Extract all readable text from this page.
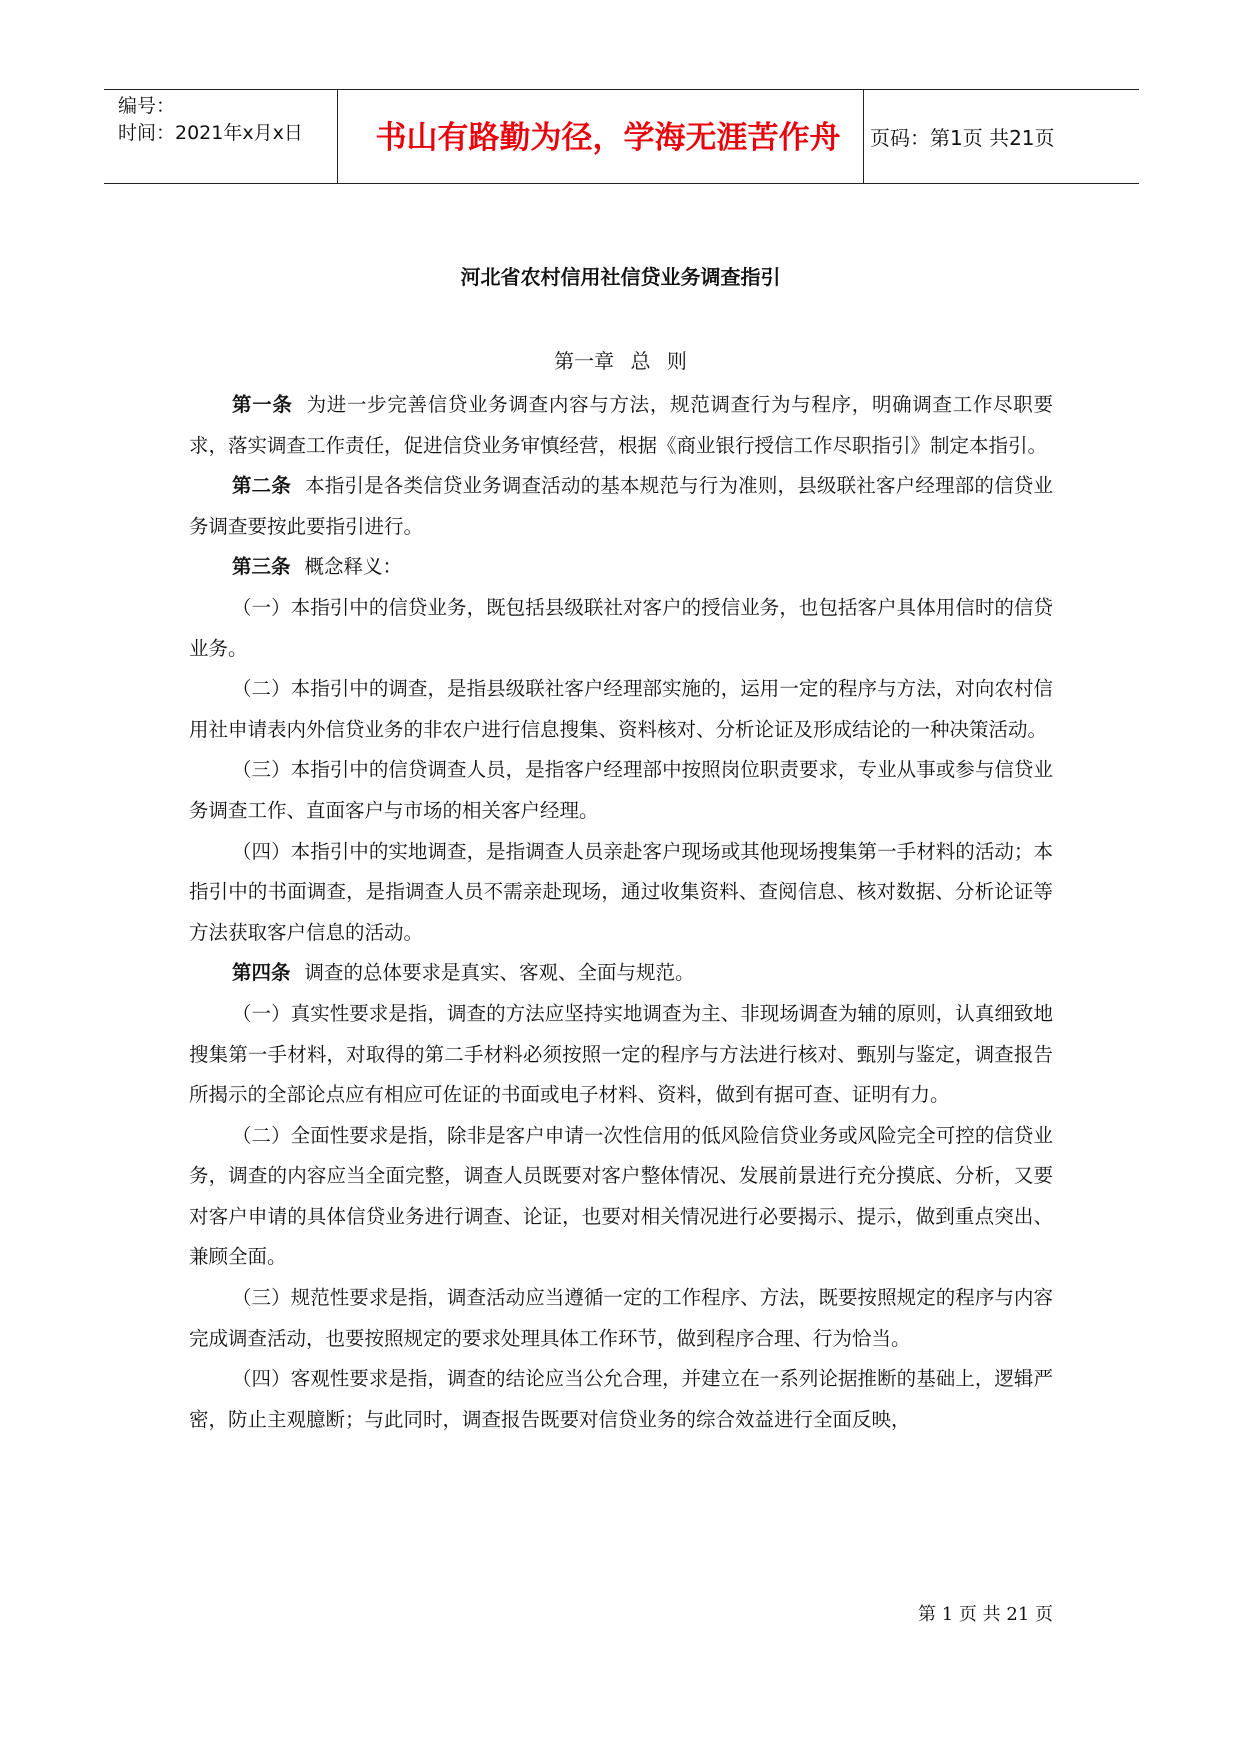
编号：
时间：2021年x月x日	书山有路勤为径，学海无涯苦作舟	页码：第1页 共21页
河北省农村信用社信贷业务调查指引
第一章 总 则

第一条 为进一步完善信贷业务调查内容与方法，规范调查行为与程序，明确调查工作尽职要求，落实调查工作责任，促进信贷业务审慎经营，根据《商业银行授信工作尽职指引》制定本指引。

第二条 本指引是各类信贷业务调查活动的基本规范与行为准则，县级联社客户经理部的信贷业务调查要按此要指引进行。

第三条 概念释义：

（一）本指引中的信贷业务，既包括县级联社对客户的授信业务，也包括客户具体用信时的信贷业务。

（二）本指引中的调查，是指县级联社客户经理部实施的，运用一定的程序与方法，对向农村信用社申请表内外信贷业务的非农户进行信息搜集、资料核对、分析论证及形成结论的一种决策活动。

（三）本指引中的信贷调查人员，是指客户经理部中按照岗位职责要求，专业从事或参与信贷业务调查工作、直面客户与市场的相关客户经理。

（四）本指引中的实地调查，是指调查人员亲赴客户现场或其他现场搜集第一手材料的活动；本指引中的书面调查，是指调查人员不需亲赴现场，通过收集资料、查阅信息、核对数据、分析论证等方法获取客户信息的活动。

第四条 调查的总体要求是真实、客观、全面与规范。

（一）真实性要求是指，调查的方法应坚持实地调查为主、非现场调查为辅的原则，认真细致地搜集第一手材料，对取得的第二手材料必须按照一定的程序与方法进行核对、甄别与鉴定，调查报告所揭示的全部论点应有相应可佐证的书面或电子材料、资料，做到有据可查、证明有力。

（二）全面性要求是指，除非是客户申请一次性信用的低风险信贷业务或风险完全可控的信贷业务，调查的内容应当全面完整，调查人员既要对客户整体情况、发展前景进行充分摸底、分析，又要对客户申请的具体信贷业务进行调查、论证，也要对相关情况进行必要揭示、提示，做到重点突出、兼顾全面。

（三）规范性要求是指，调查活动应当遵循一定的工作程序、方法，既要按照规定的程序与内容完成调查活动，也要按照规定的要求处理具体工作环节，做到程序合理、行为恰当。

（四）客观性要求是指，调查的结论应当公允合理，并建立在一系列论据推断的基础上，逻辑严密，防止主观臆断；与此同时，调查报告既要对信贷业务的综合效益进行全面反映，

第 1 页 共 21 页
